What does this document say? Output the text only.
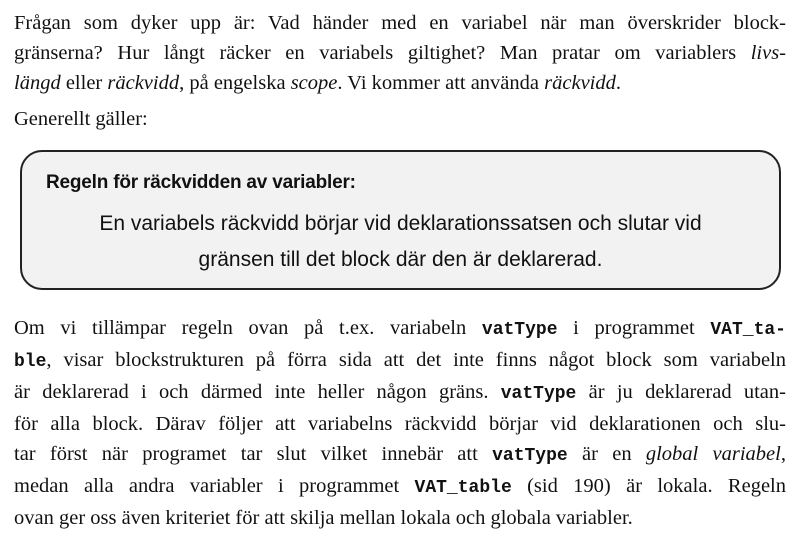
Frågan som dyker upp är: Vad händer med en variabel när man överskrider block-
gränserna? Hur långt räcker en variabels giltighet? Man pratar om variablers livs-
längd eller räckvidd, på engelska scope. Vi kommer att använda räckvidd.

Generellt gäller:

Regeln för räckvidden av variabler:
En variabels räckvidd börjar vid deklarationssatsen och slutar vid
gränsen till det block där den är deklarerad.
Om vi tillämpar regeln ovan på t.ex. variabeln vatType i programmet VAT_ta-
ble, visar blockstrukturen på förra sida att det inte finns något block som variabeln
är deklarerad i och därmed inte heller någon gräns. vatType är ju deklarerad utan-
för alla block. Därav följer att variabelns räckvidd börjar vid deklarationen och slu-
tar först när programet tar slut vilket innebär att vatType är en global variabel,
medan alla andra variabler i programmet VAT_table (sid 190) är lokala. Regeln
ovan ger oss även kriteriet för att skilja mellan lokala och globala variabler.
